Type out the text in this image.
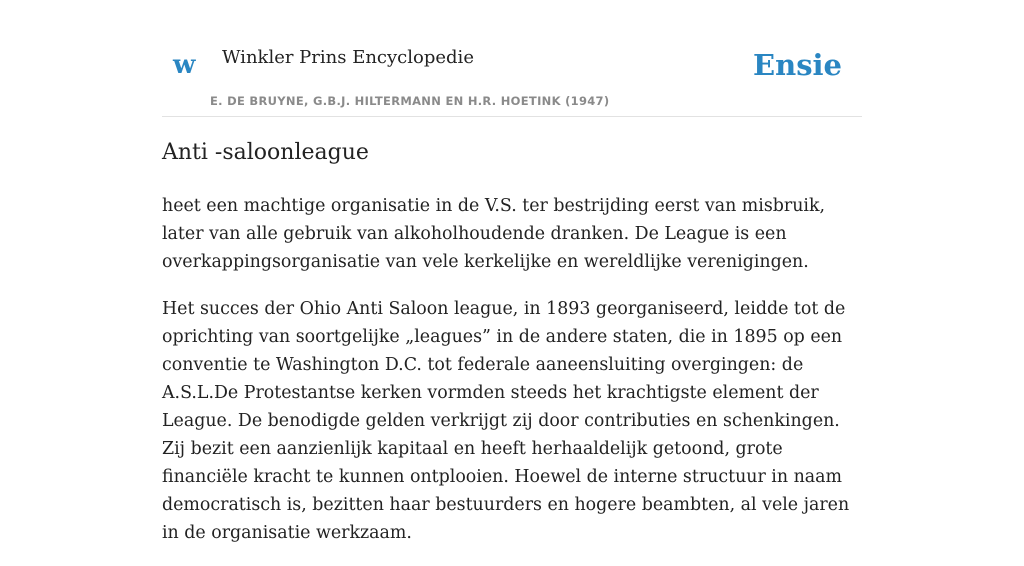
w Winkler Prins Encyclopedie
E. DE BRUYNE, G.B.J. HILTERMANN EN H.R. HOETINK (1947)
Ensie
Anti -saloonleague

heet een machtige organisatie in de V.S. ter bestrijding eerst van misbruik, later van alle gebruik van alkoholhoudende dranken. De League is een overkappingsorganisatie van vele kerkelijke en wereldlijke verenigingen.

Het succes der Ohio Anti Saloon league, in 1893 georganiseerd, leidde tot de oprichting van soortgelijke „leagues” in de andere staten, die in 1895 op een conventie te Washington D.C. tot federale aaneensluiting overgingen: de A.S.L.De Protestantse kerken vormden steeds het krachtigste element der League. De benodigde gelden verkrijgt zij door contributies en schenkingen. Zij bezit een aanzienlijk kapitaal en heeft herhaaldelijk getoond, grote financiële kracht te kunnen ontplooien. Hoewel de interne structuur in naam democratisch is, bezitten haar bestuurders en hogere beambten, al vele jaren in de organisatie werkzaam.
